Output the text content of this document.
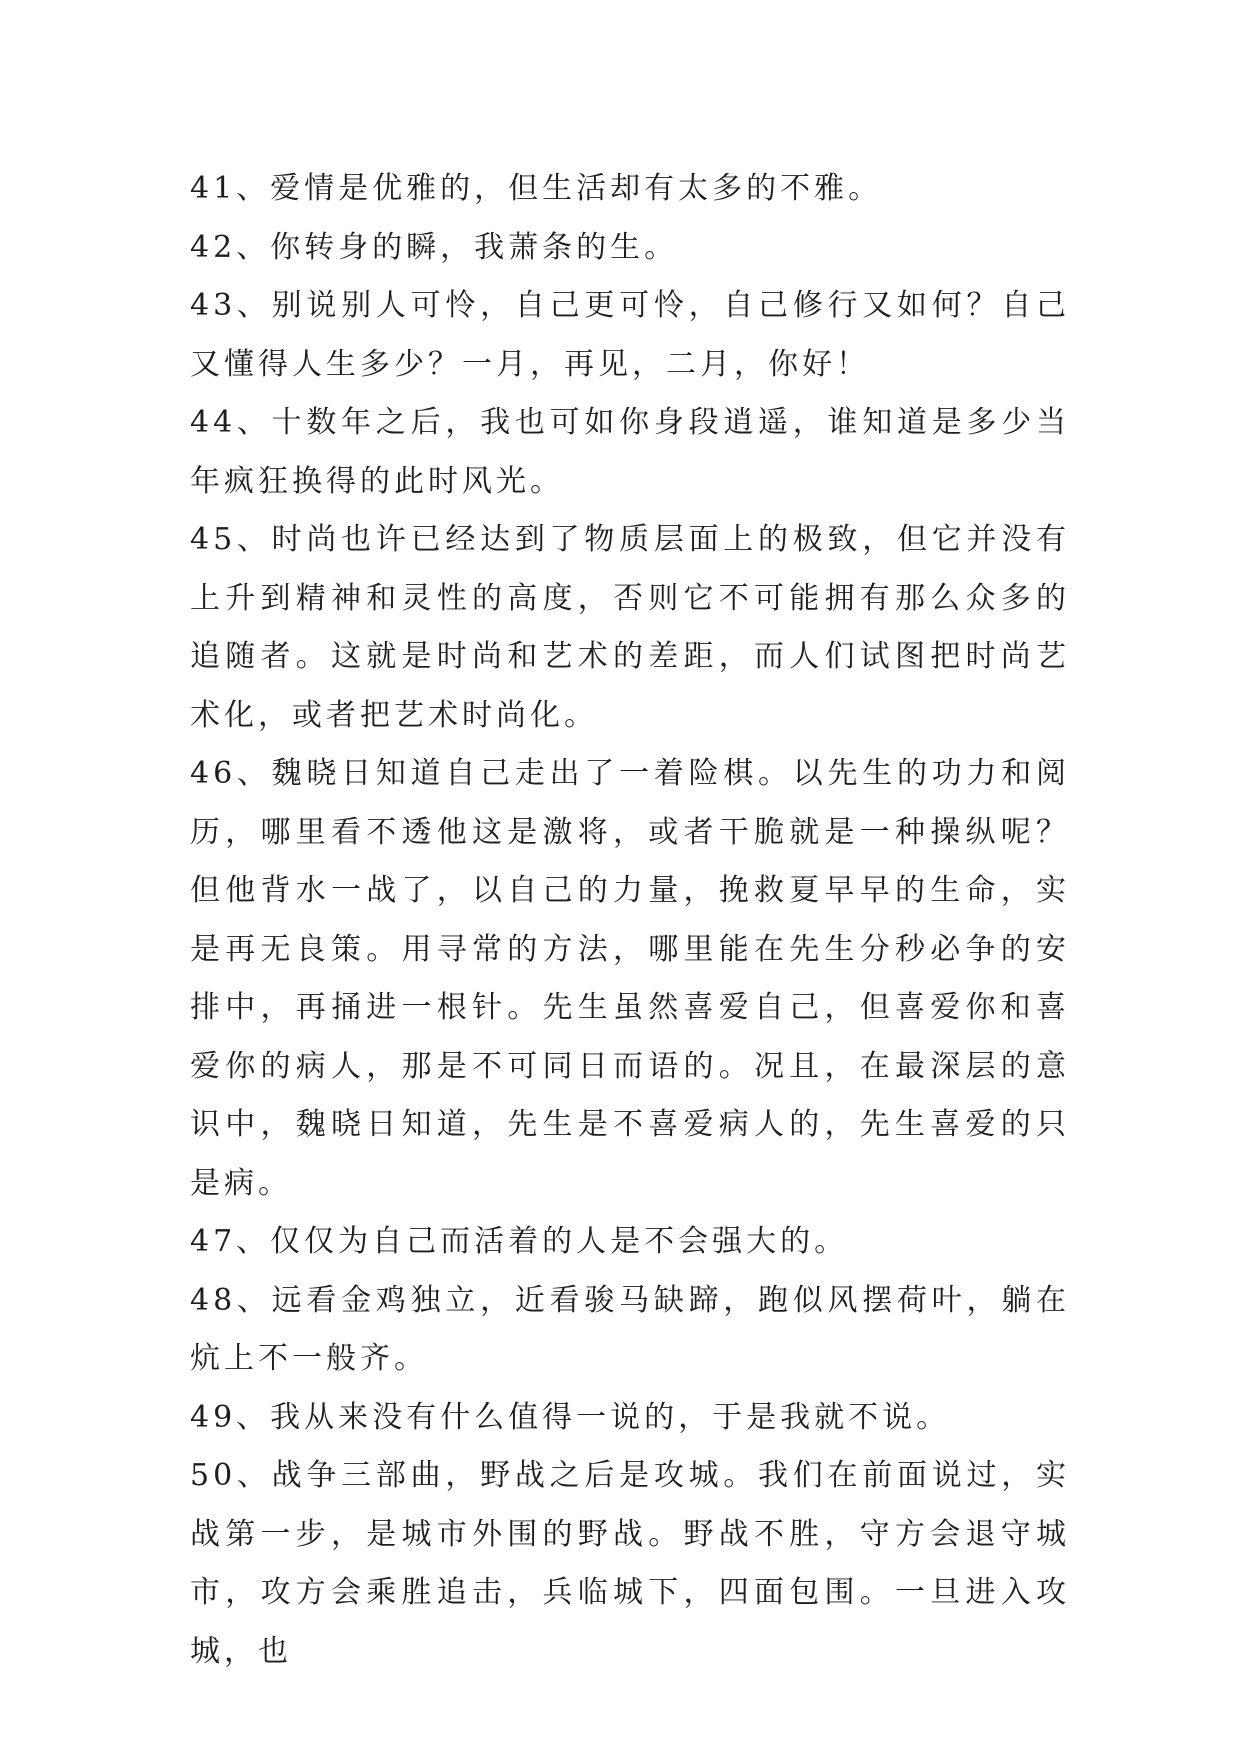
41、爱情是优雅的，但生活却有太多的不雅。

42、你转身的瞬，我萧条的生。

43、别说别人可怜，自己更可怜，自己修行又如何？自己又懂得人生多少？一月，再见，二月，你好！

44、十数年之后，我也可如你身段逍遥，谁知道是多少当年疯狂换得的此时风光。

45、时尚也许已经达到了物质层面上的极致，但它并没有上升到精神和灵性的高度，否则它不可能拥有那么众多的追随者。这就是时尚和艺术的差距，而人们试图把时尚艺术化，或者把艺术时尚化。

46、魏晓日知道自己走出了一着险棋。以先生的功力和阅历，哪里看不透他这是激将，或者干脆就是一种操纵呢？但他背水一战了，以自己的力量，挽救夏早早的生命，实是再无良策。用寻常的方法，哪里能在先生分秒必争的安排中，再捅进一根针。先生虽然喜爱自己，但喜爱你和喜爱你的病人，那是不可同日而语的。况且，在最深层的意识中，魏晓日知道，先生是不喜爱病人的，先生喜爱的只是病。

47、仅仅为自己而活着的人是不会强大的。

48、远看金鸡独立，近看骏马缺蹄，跑似风摆荷叶，躺在炕上不一般齐。

49、我从来没有什么值得一说的，于是我就不说。

50、战争三部曲，野战之后是攻城。我们在前面说过，实战第一步，是城市外围的野战。野战不胜，守方会退守城市，攻方会乘胜追击，兵临城下，四面包围。一旦进入攻城，也
